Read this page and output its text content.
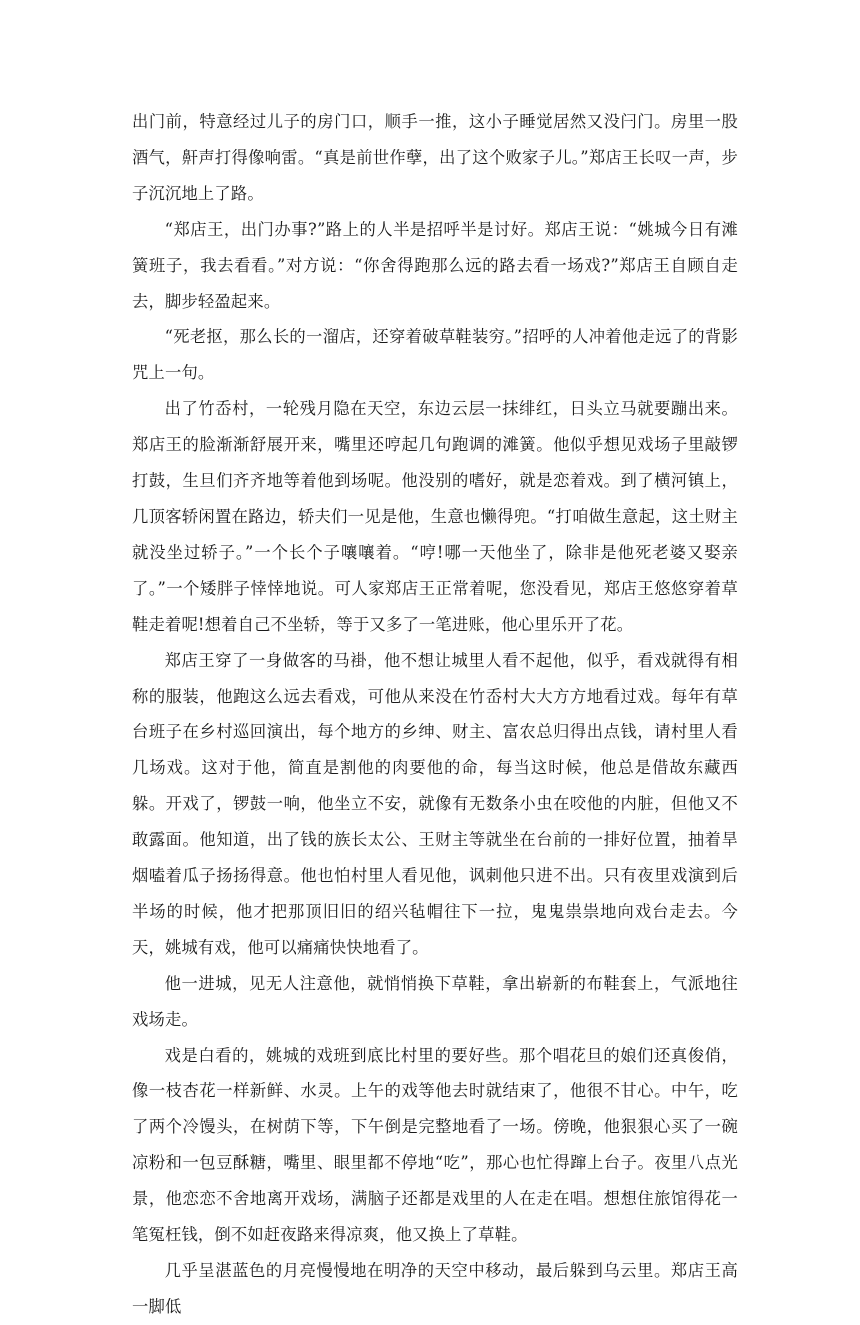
出门前，特意经过儿子的房门口，顺手一推，这小子睡觉居然又没闩门。房里一股酒气，鼾声打得像响雷。“真是前世作孽，出了这个败家子儿。”郑店王长叹一声，步子沉沉地上了路。

“郑店王，出门办事?”路上的人半是招呼半是讨好。郑店王说：“姚城今日有滩簧班子，我去看看。”对方说：“你舍得跑那么远的路去看一场戏?”郑店王自顾自走去，脚步轻盈起来。

“死老抠，那么长的一溜店，还穿着破草鞋装穷。”招呼的人冲着他走远了的背影咒上一句。

出了竹岙村，一轮残月隐在天空，东边云层一抹绯红，日头立马就要蹦出来。郑店王的脸渐渐舒展开来，嘴里还哼起几句跑调的滩簧。他似乎想见戏场子里敲锣打鼓，生旦们齐齐地等着他到场呢。他没别的嗜好，就是恋着戏。到了横河镇上，几顶客轿闲置在路边，轿夫们一见是他，生意也懒得兜。“打咱做生意起，这土财主就没坐过轿子。”一个长个子嚷嚷着。“哼!哪一天他坐了，除非是他死老婆又娶亲了。”一个矮胖子悻悻地说。可人家郑店王正常着呢，您没看见，郑店王悠悠穿着草鞋走着呢!想着自己不坐轿，等于又多了一笔进账，他心里乐开了花。

郑店王穿了一身做客的马褂，他不想让城里人看不起他，似乎，看戏就得有相称的服装，他跑这么远去看戏，可他从来没在竹岙村大大方方地看过戏。每年有草台班子在乡村巡回演出，每个地方的乡绅、财主、富农总归得出点钱，请村里人看几场戏。这对于他，简直是割他的肉要他的命，每当这时候，他总是借故东藏西躲。开戏了，锣鼓一响，他坐立不安，就像有无数条小虫在咬他的内脏，但他又不敢露面。他知道，出了钱的族长太公、王财主等就坐在台前的一排好位置，抽着旱烟嗑着瓜子扬扬得意。他也怕村里人看见他，讽刺他只进不出。只有夜里戏演到后半场的时候，他才把那顶旧旧的绍兴毡帽往下一拉，鬼鬼祟祟地向戏台走去。今天，姚城有戏，他可以痛痛快快地看了。

他一进城，见无人注意他，就悄悄换下草鞋，拿出崭新的布鞋套上，气派地往戏场走。

戏是白看的，姚城的戏班到底比村里的要好些。那个唱花旦的娘们还真俊俏，像一枝杏花一样新鲜、水灵。上午的戏等他去时就结束了，他很不甘心。中午，吃了两个冷馒头，在树荫下等，下午倒是完整地看了一场。傍晚，他狠狠心买了一碗凉粉和一包豆酥糖，嘴里、眼里都不停地“吃”，那心也忙得蹿上台子。夜里八点光景，他恋恋不舍地离开戏场，满脑子还都是戏里的人在走在唱。想想住旅馆得花一笔冤枉钱，倒不如赶夜路来得凉爽，他又换上了草鞋。

几乎呈湛蓝色的月亮慢慢地在明净的天空中移动，最后躲到乌云里。郑店王高一脚低
